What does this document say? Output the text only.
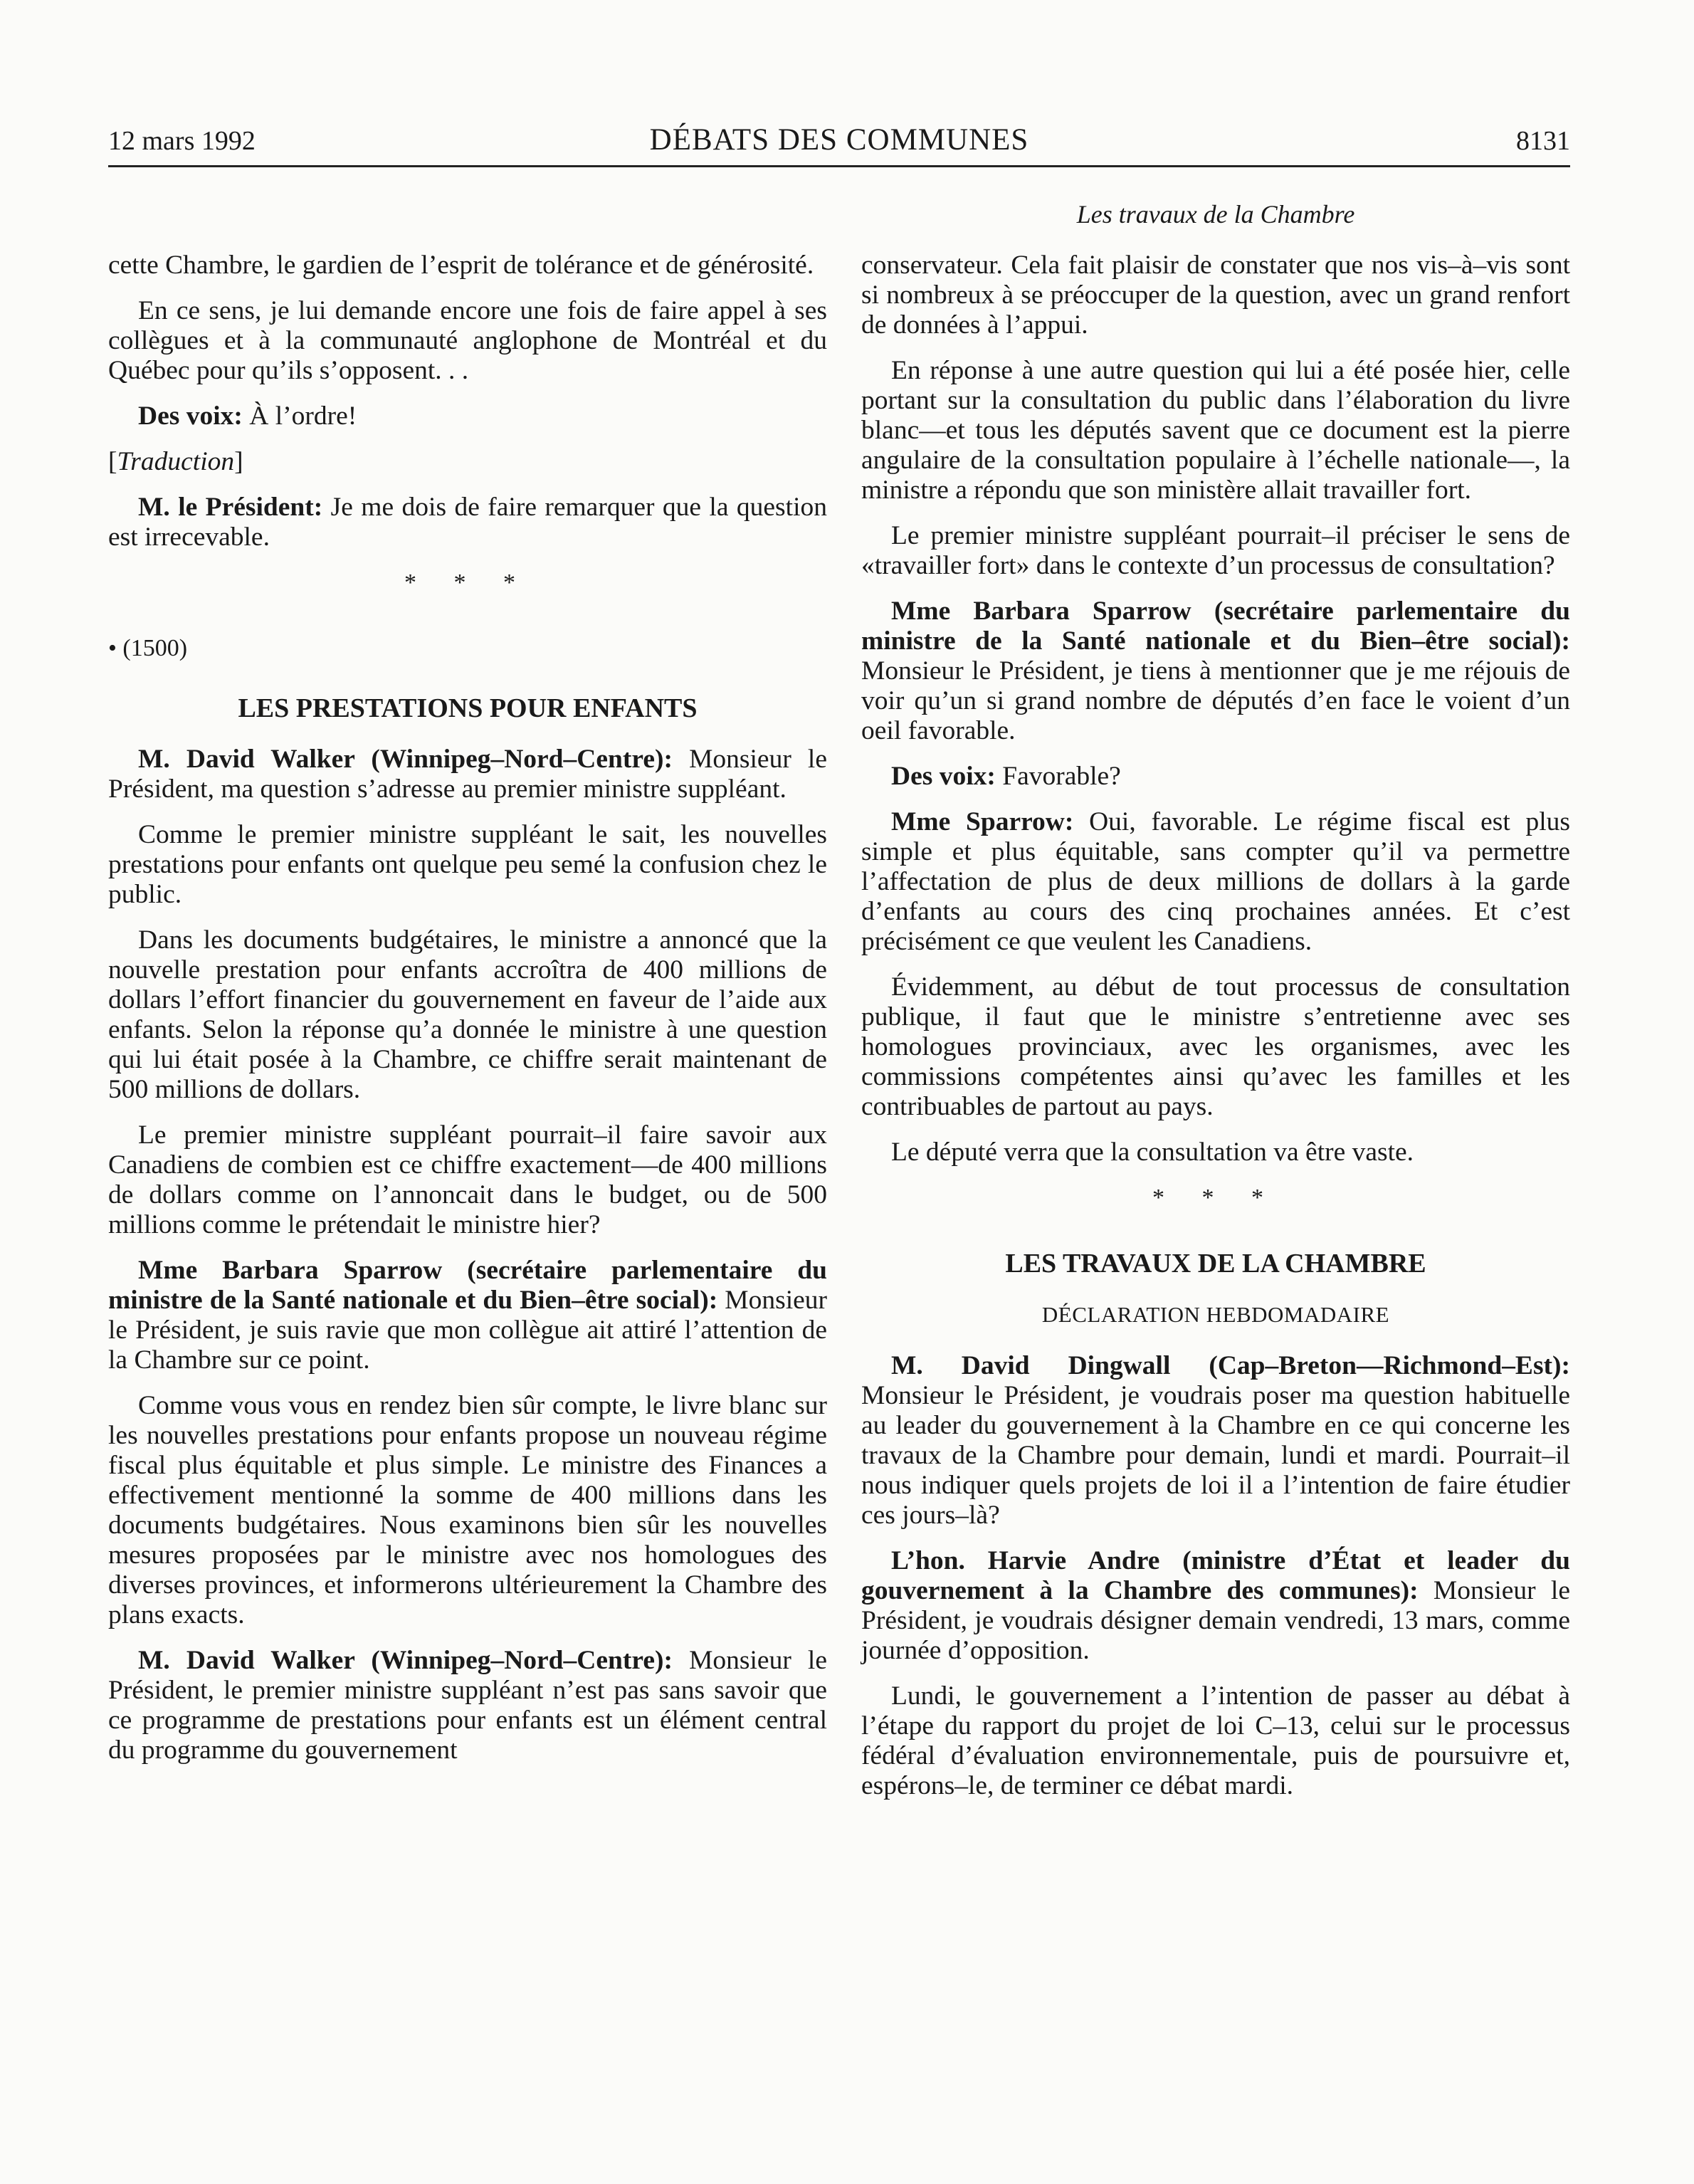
12 mars 1992	DÉBATS DES COMMUNES	8131
Les travaux de la Chambre

cette Chambre, le gardien de l’esprit de tolérance et de générosité.

En ce sens, je lui demande encore une fois de faire appel à ses collègues et à la communauté anglophone de Montréal et du Québec pour qu’ils s’opposent. . .

Des voix: À l’ordre!

[Traduction]

M. le Président: Je me dois de faire remarquer que la question est irrecevable.

* * *
• (1500)
LES PRESTATIONS POUR ENFANTS

M. David Walker (Winnipeg–Nord–Centre): Monsieur le Président, ma question s’adresse au premier ministre suppléant.

Comme le premier ministre suppléant le sait, les nouvelles prestations pour enfants ont quelque peu semé la confusion chez le public.

Dans les documents budgétaires, le ministre a annoncé que la nouvelle prestation pour enfants accroîtra de 400 millions de dollars l’effort financier du gouvernement en faveur de l’aide aux enfants. Selon la réponse qu’a donnée le ministre à une question qui lui était posée à la Chambre, ce chiffre serait maintenant de 500 millions de dollars.

Le premier ministre suppléant pourrait–il faire savoir aux Canadiens de combien est ce chiffre exactement—de 400 millions de dollars comme on l’annoncait dans le budget, ou de 500 millions comme le prétendait le ministre hier?

Mme Barbara Sparrow (secrétaire parlementaire du ministre de la Santé nationale et du Bien–être social): Monsieur le Président, je suis ravie que mon collègue ait attiré l’attention de la Chambre sur ce point.

Comme vous vous en rendez bien sûr compte, le livre blanc sur les nouvelles prestations pour enfants propose un nouveau régime fiscal plus équitable et plus simple. Le ministre des Finances a effectivement mentionné la somme de 400 millions dans les documents budgétaires. Nous examinons bien sûr les nouvelles mesures proposées par le ministre avec nos homologues des diverses provinces, et informerons ultérieurement la Chambre des plans exacts.

M. David Walker (Winnipeg–Nord–Centre): Monsieur le Président, le premier ministre suppléant n’est pas sans savoir que ce programme de prestations pour enfants est un élément central du programme du gouvernement

conservateur. Cela fait plaisir de constater que nos vis–à–vis sont si nombreux à se préoccuper de la question, avec un grand renfort de données à l’appui.

En réponse à une autre question qui lui a été posée hier, celle portant sur la consultation du public dans l’élaboration du livre blanc—et tous les députés savent que ce document est la pierre angulaire de la consultation populaire à l’échelle nationale—, la ministre a répondu que son ministère allait travailler fort.

Le premier ministre suppléant pourrait–il préciser le sens de «travailler fort» dans le contexte d’un processus de consultation?

Mme Barbara Sparrow (secrétaire parlementaire du ministre de la Santé nationale et du Bien–être social): Monsieur le Président, je tiens à mentionner que je me réjouis de voir qu’un si grand nombre de députés d’en face le voient d’un oeil favorable.

Des voix: Favorable?

Mme Sparrow: Oui, favorable. Le régime fiscal est plus simple et plus équitable, sans compter qu’il va permettre l’affectation de plus de deux millions de dollars à la garde d’enfants au cours des cinq prochaines années. Et c’est précisément ce que veulent les Canadiens.

Évidemment, au début de tout processus de consultation publique, il faut que le ministre s’entretienne avec ses homologues provinciaux, avec les organismes, avec les commissions compétentes ainsi qu’avec les familles et les contribuables de partout au pays.

Le député verra que la consultation va être vaste.

* * *
LES TRAVAUX DE LA CHAMBRE
DÉCLARATION HEBDOMADAIRE

M. David Dingwall (Cap–Breton—Richmond–Est): Monsieur le Président, je voudrais poser ma question habituelle au leader du gouvernement à la Chambre en ce qui concerne les travaux de la Chambre pour demain, lundi et mardi. Pourrait–il nous indiquer quels projets de loi il a l’intention de faire étudier ces jours–là?

L’hon. Harvie Andre (ministre d’État et leader du gouvernement à la Chambre des communes): Monsieur le Président, je voudrais désigner demain vendredi, 13 mars, comme journée d’opposition.

Lundi, le gouvernement a l’intention de passer au débat à l’étape du rapport du projet de loi C–13, celui sur le processus fédéral d’évaluation environnementale, puis de poursuivre et, espérons–le, de terminer ce débat mardi.
